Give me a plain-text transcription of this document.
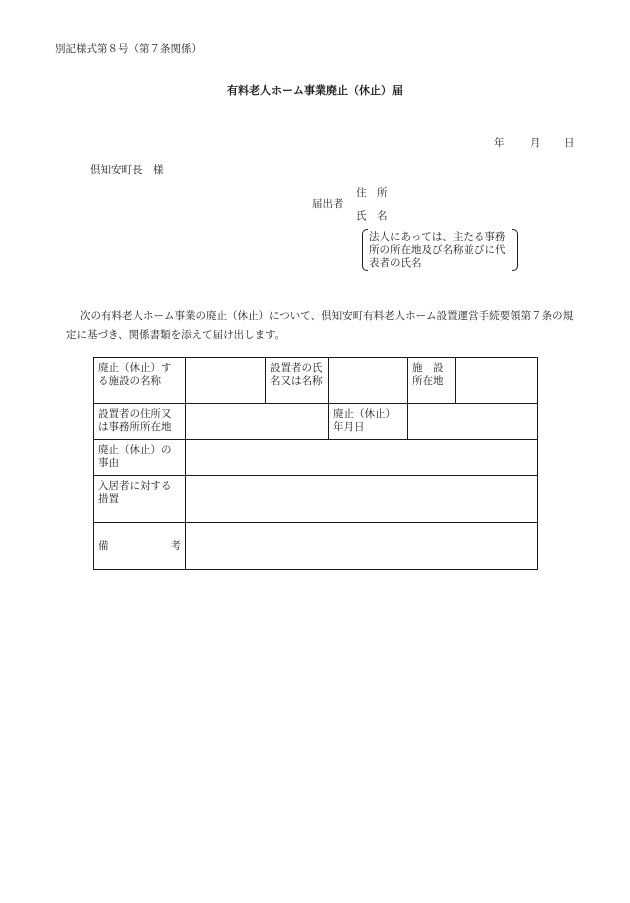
別記様式第８号（第７条関係）
有料老人ホーム事業廃止（休止）届
年 月 日
倶知安町長　様
届出者
住　所
氏　名
法人にあっては、主たる事務所の所在地及び名称並びに代表者の氏名
次の有料老人ホーム事業の廃止（休止）について、倶知安町有料老人ホーム設置運営手続要領第７条の規定に基づき、関係書類を添えて届け出します。
廃止（休止）する施設の名称		設置者の氏名又は名称		施　設所在地	
設置者の住所又は事務所所在地			廃止（休止）年月日		
廃止（休止）の事由					
入居者に対する措置					

備　　　　考					
